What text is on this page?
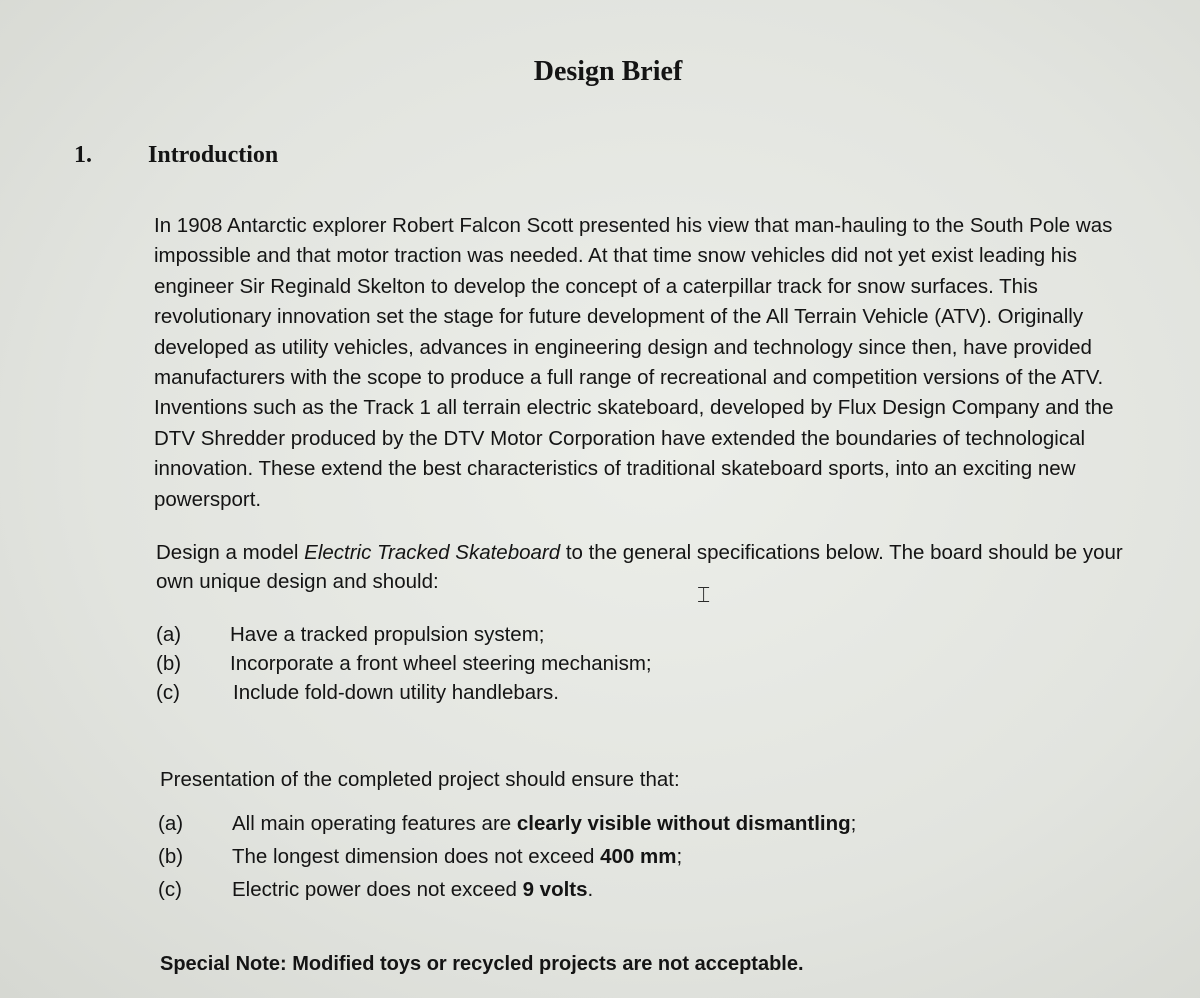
Design Brief
1. Introduction

In 1908 Antarctic explorer Robert Falcon Scott presented his view that man-hauling to the South Pole was impossible and that motor traction was needed. At that time snow vehicles did not yet exist leading his engineer Sir Reginald Skelton to develop the concept of a caterpillar track for snow surfaces. This revolutionary innovation set the stage for future development of the All Terrain Vehicle (ATV). Originally developed as utility vehicles, advances in engineering design and technology since then, have provided manufacturers with the scope to produce a full range of recreational and competition versions of the ATV. Inventions such as the Track 1 all terrain electric skateboard, developed by Flux Design Company and the DTV Shredder produced by the DTV Motor Corporation have extended the boundaries of technological innovation. These extend the best characteristics of traditional skateboard sports, into an exciting new powersport.

Design a model Electric Tracked Skateboard to the general specifications below. The board should be your own unique design and should:

⌶
(a) Have a tracked propulsion system;
(b) Incorporate a front wheel steering mechanism;
(c)	Include fold-down utility handlebars.
Presentation of the completed project should ensure that:
(a) All main operating features are clearly visible without dismantling;
(b) The longest dimension does not exceed 400 mm;
(c) Electric power does not exceed 9 volts.
Special Note: Modified toys or recycled projects are not acceptable.
